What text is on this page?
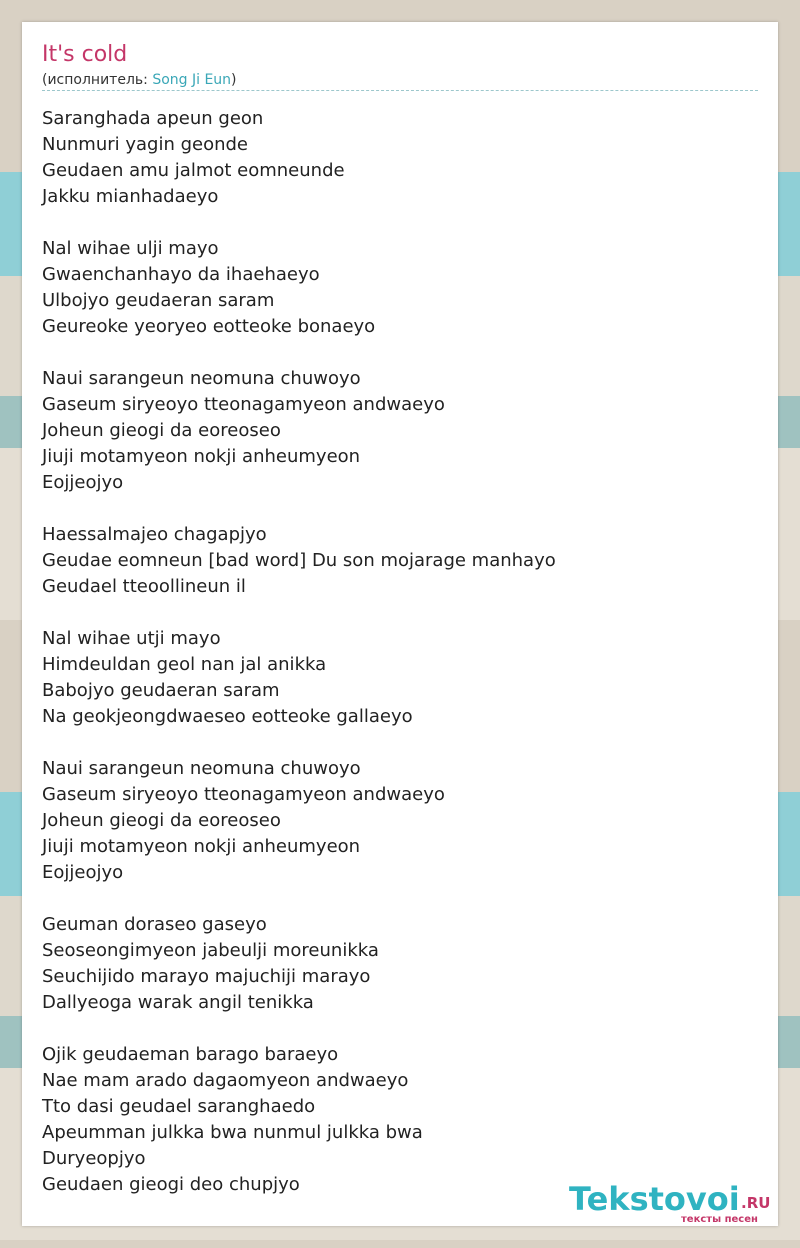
It's cold
(исполнитель: Song Ji Eun)
Saranghada apeun geon
Nunmuri yagin geonde
Geudaen amu jalmot eomneunde
Jakku mianhadaeyo
Nal wihae ulji mayo
Gwaenchanhayo da ihaehaeyo
Ulbojyo geudaeran saram
Geureoke yeoryeo eotteoke bonaeyo
Naui sarangeun neomuna chuwoyo
Gaseum siryeoyo tteonagamyeon andwaeyo
Joheun gieogi da eoreoseo
Jiuji motamyeon nokji anheumyeon
Eojjeojyo
Haessalmajeo chagapjyo
Geudae eomneun [bad word] Du son mojarage manhayo
Geudael tteoollineun il
Nal wihae utji mayo
Himdeuldan geol nan jal anikka
Babojyo geudaeran saram
Na geokjeongdwaeseo eotteoke gallaeyo
Naui sarangeun neomuna chuwoyo
Gaseum siryeoyo tteonagamyeon andwaeyo
Joheun gieogi da eoreoseo
Jiuji motamyeon nokji anheumyeon
Eojjeojyo
Geuman doraseo gaseyo
Seoseongimyeon jabeulji moreunikka
Seuchijido marayo majuchiji marayo
Dallyeoga warak angil tenikka
Ojik geudaeman barago baraeyo
Nae mam arado dagaomyeon andwaeyo
Tto dasi geudael saranghaedo
Apeumman julkka bwa nunmul julkka bwa
Duryeopjyo
Geudaen gieogi deo chupjyo	Tekstovoi .RU
тексты песен
